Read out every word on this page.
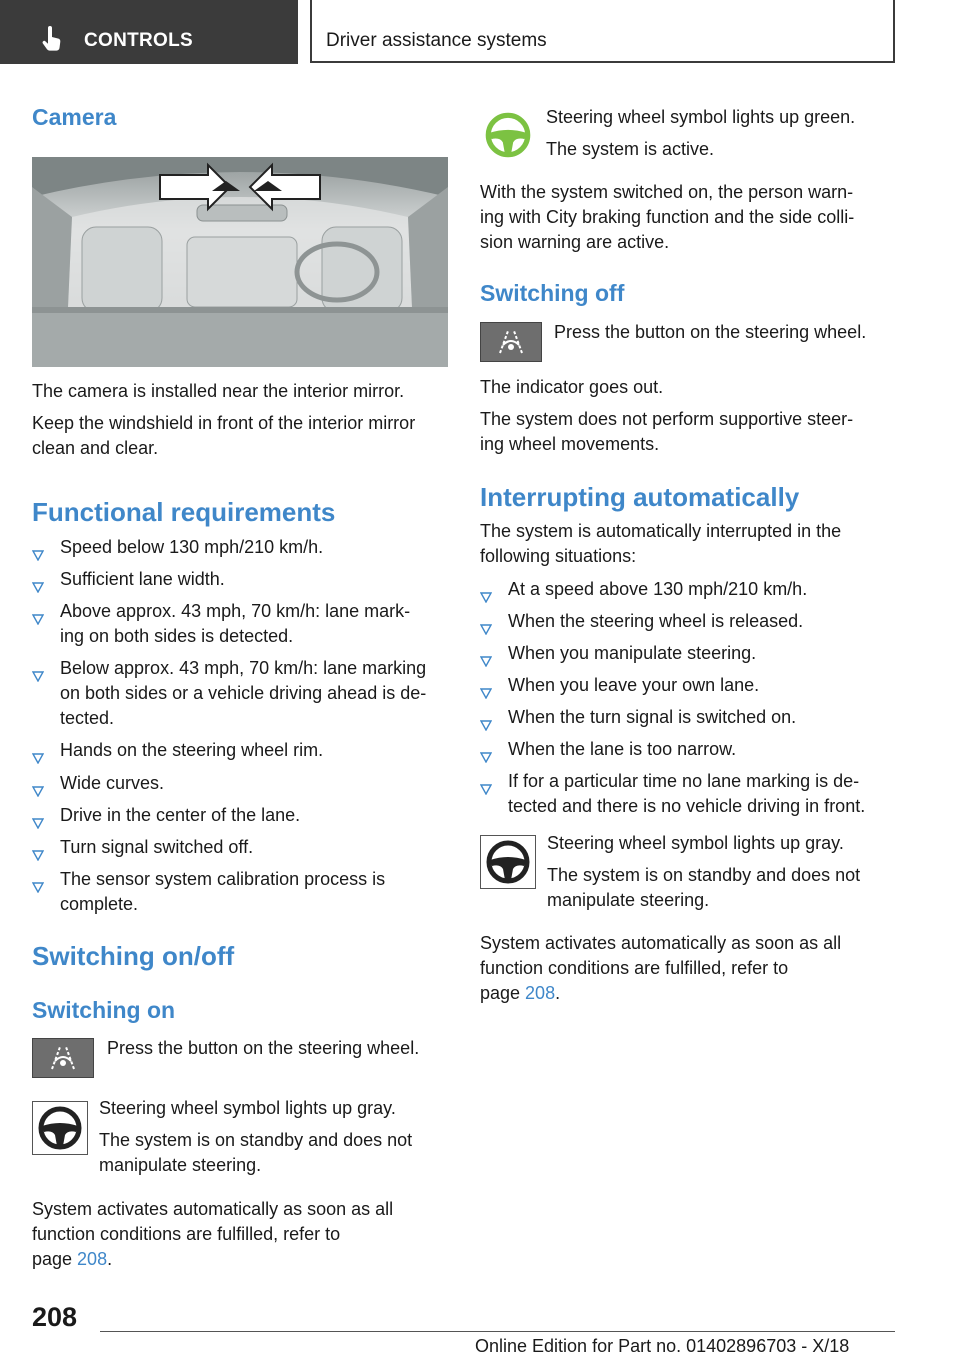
CONTROLS	Driver assistance systems
Camera
The camera is installed near the interior mirror.
Keep the windshield in front of the interior mirror
clean and clear.
Functional requirements
Speed below 130 mph/210 km/h.
Sufficient lane width.
Above approx. 43 mph, 70 km/h: lane mark-
ing on both sides is detected.
Below approx. 43 mph, 70 km/h: lane marking
on both sides or a vehicle driving ahead is de-
tected.
Hands on the steering wheel rim.
Wide curves.
Drive in the center of the lane.
Turn signal switched off.
The sensor system calibration process is
complete.
Switching on/off
Switching on
Press the button on the steering wheel.
Steering wheel symbol lights up gray.
The system is on standby and does not
manipulate steering.
System activates automatically as soon as all
function conditions are fulfilled, refer to
page 208.
Steering wheel symbol lights up green.
The system is active.
With the system switched on, the person warn-
ing with City braking function and the side colli-
sion warning are active.
Switching off
Press the button on the steering wheel.
The indicator goes out.
The system does not perform supportive steer-
ing wheel movements.
Interrupting automatically
The system is automatically interrupted in the
following situations:
At a speed above 130 mph/210 km/h.
When the steering wheel is released.
When you manipulate steering.
When you leave your own lane.
When the turn signal is switched on.
When the lane is too narrow.
If for a particular time no lane marking is de-
tected and there is no vehicle driving in front.
Steering wheel symbol lights up gray.
The system is on standby and does not
manipulate steering.
System activates automatically as soon as all
function conditions are fulfilled, refer to
page 208.
208
Online Edition for Part no. 01402896703 - X/18
